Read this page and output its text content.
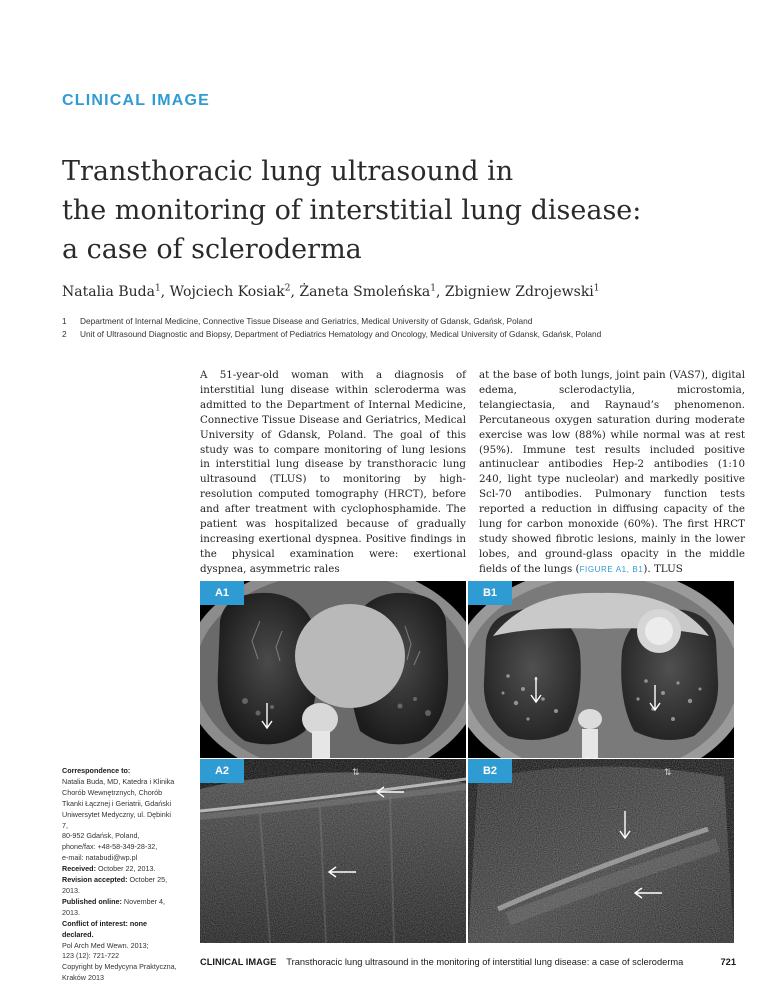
CLINICAL IMAGE
Transthoracic lung ultrasound in
the monitoring of interstitial lung disease:
a case of scleroderma
Natalia Buda$^1$, Wojciech Kosiak$^2$, Żaneta Smoleńska$^1$, Zbigniew Zdrojewski$^1$
1	Department of Internal Medicine, Connective Tissue Disease and Geriatrics, Medical University of Gdansk, Gdańsk, Poland
2	Unit of Ultrasound Diagnostic and Biopsy, Department of Pediatrics Hematology and Oncology, Medical University of Gdansk, Gdańsk, Poland
A 51-year-old woman with a diagnosis of interstitial lung disease within scleroderma was admitted to the Department of Internal Medicine, Connective Tissue Disease and Geriatrics, Medical University of Gdansk, Poland. The goal of this study was to compare monitoring of lung lesions in interstitial lung disease by transthoracic lung ultrasound (TLUS) to monitoring by high-resolution computed tomography (HRCT), before and after treatment with cyclophosphamide. The patient was hospitalized because of gradually increasing exertional dyspnea. Positive findings in the physical examination were: exertional dyspnea, asymmetric rales
at the base of both lungs, joint pain (VAS7), digital edema, sclerodactylia, microstomia, telangiectasia, and Raynaud’s phenomenon. Percutaneous oxygen saturation during moderate exercise was low (88%) while normal was at rest (95%). Immune test results included positive antinuclear antibodies Hep-2 antibodies (1:10 240, light type nucleolar) and markedly positive Scl-70 antibodies. Pulmonary function tests reported a reduction in diffusing capacity of the lung for carbon monoxide (60%). The first HRCT study showed fibrotic lesions, mainly in the lower lobes, and ground-glass opacity in the middle fields of the lungs (FIGURE A1, B1). TLUS
A1	B1
⇅
A2	⇅
B2

Correspondence to:

Natalia Buda, MD, Katedra i Klinika

Chorób Wewnętrznych, Chorób

Tkanki Łącznej i Geriatrii, Gdański

Uniwersytet Medyczny, ul. Dębinki 7,

80-952 Gdańsk, Poland,

phone/fax: +48-58-349-28-32,

e-mail: natabudi@wp.pl

Received: October 22, 2013.

Revision accepted: October 25, 2013.

Published online: November 4, 2013.

Conflict of interest: none declared.

Pol Arch Med Wewn. 2013;

123 (12): 721-722

Copyright by Medycyna Praktyczna,

Kraków 2013

CLINICAL IMAGE Transthoracic lung ultrasound in the monitoring of interstitial lung disease: a case of scleroderma	721
